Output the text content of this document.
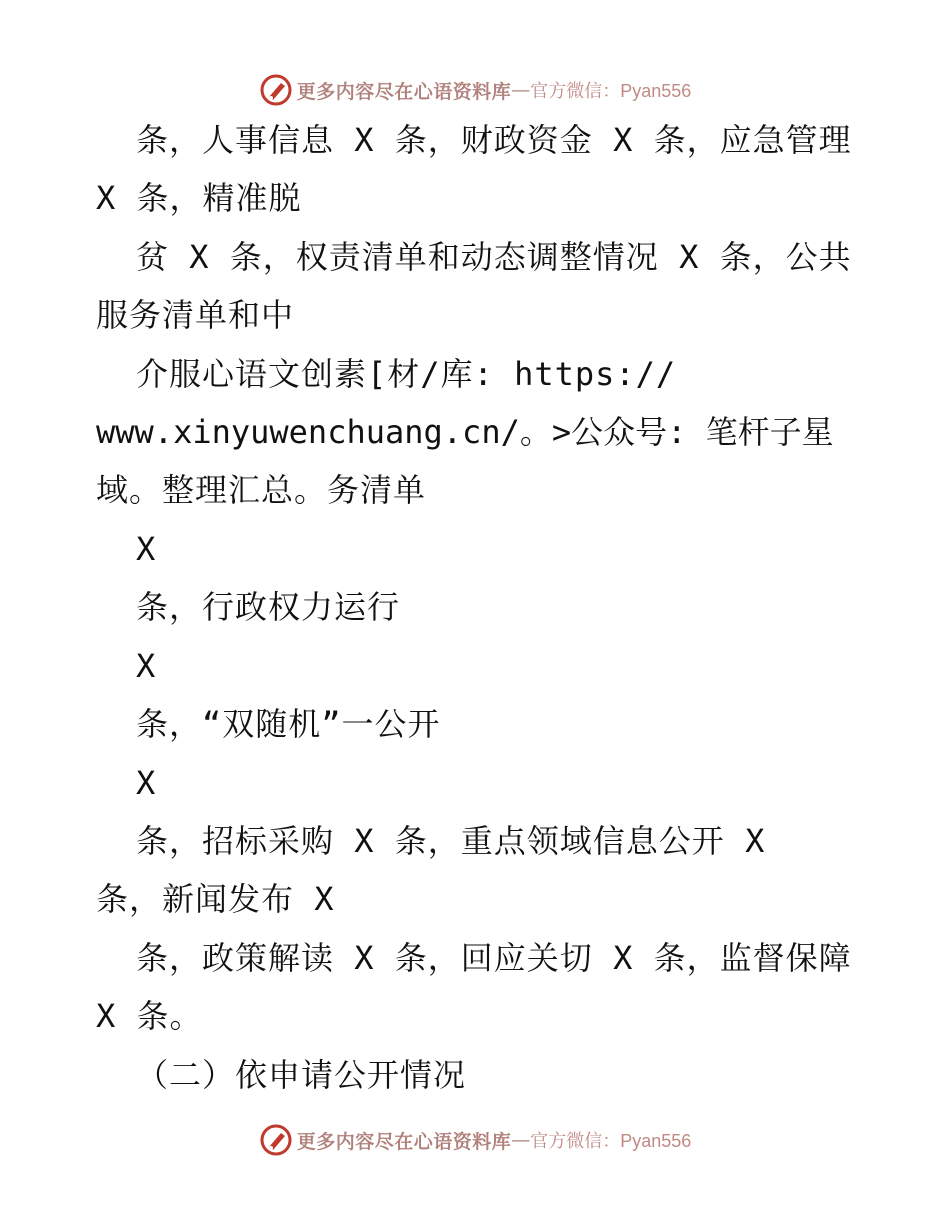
更多内容尽在心语资料库 — 官方微信：Pyan556
条，人事信息 X 条，财政资金 X 条，应急管理
X 条，精准脱
贫 X 条，权责清单和动态调整情况 X 条，公共
服务清单和中
介服心语文创素[材/库: https://
www.xinyuwenchuang.cn/。>公众号: 笔杆子星
域。整理汇总。务清单
X
条，行政权力运行
X
条，“双随机”一公开
X
条，招标采购 X 条，重点领域信息公开 X
条，新闻发布 X
条，政策解读 X 条，回应关切 X 条，监督保障
X 条。
（二）依申请公开情况
更多内容尽在心语资料库 — 官方微信：Pyan556
